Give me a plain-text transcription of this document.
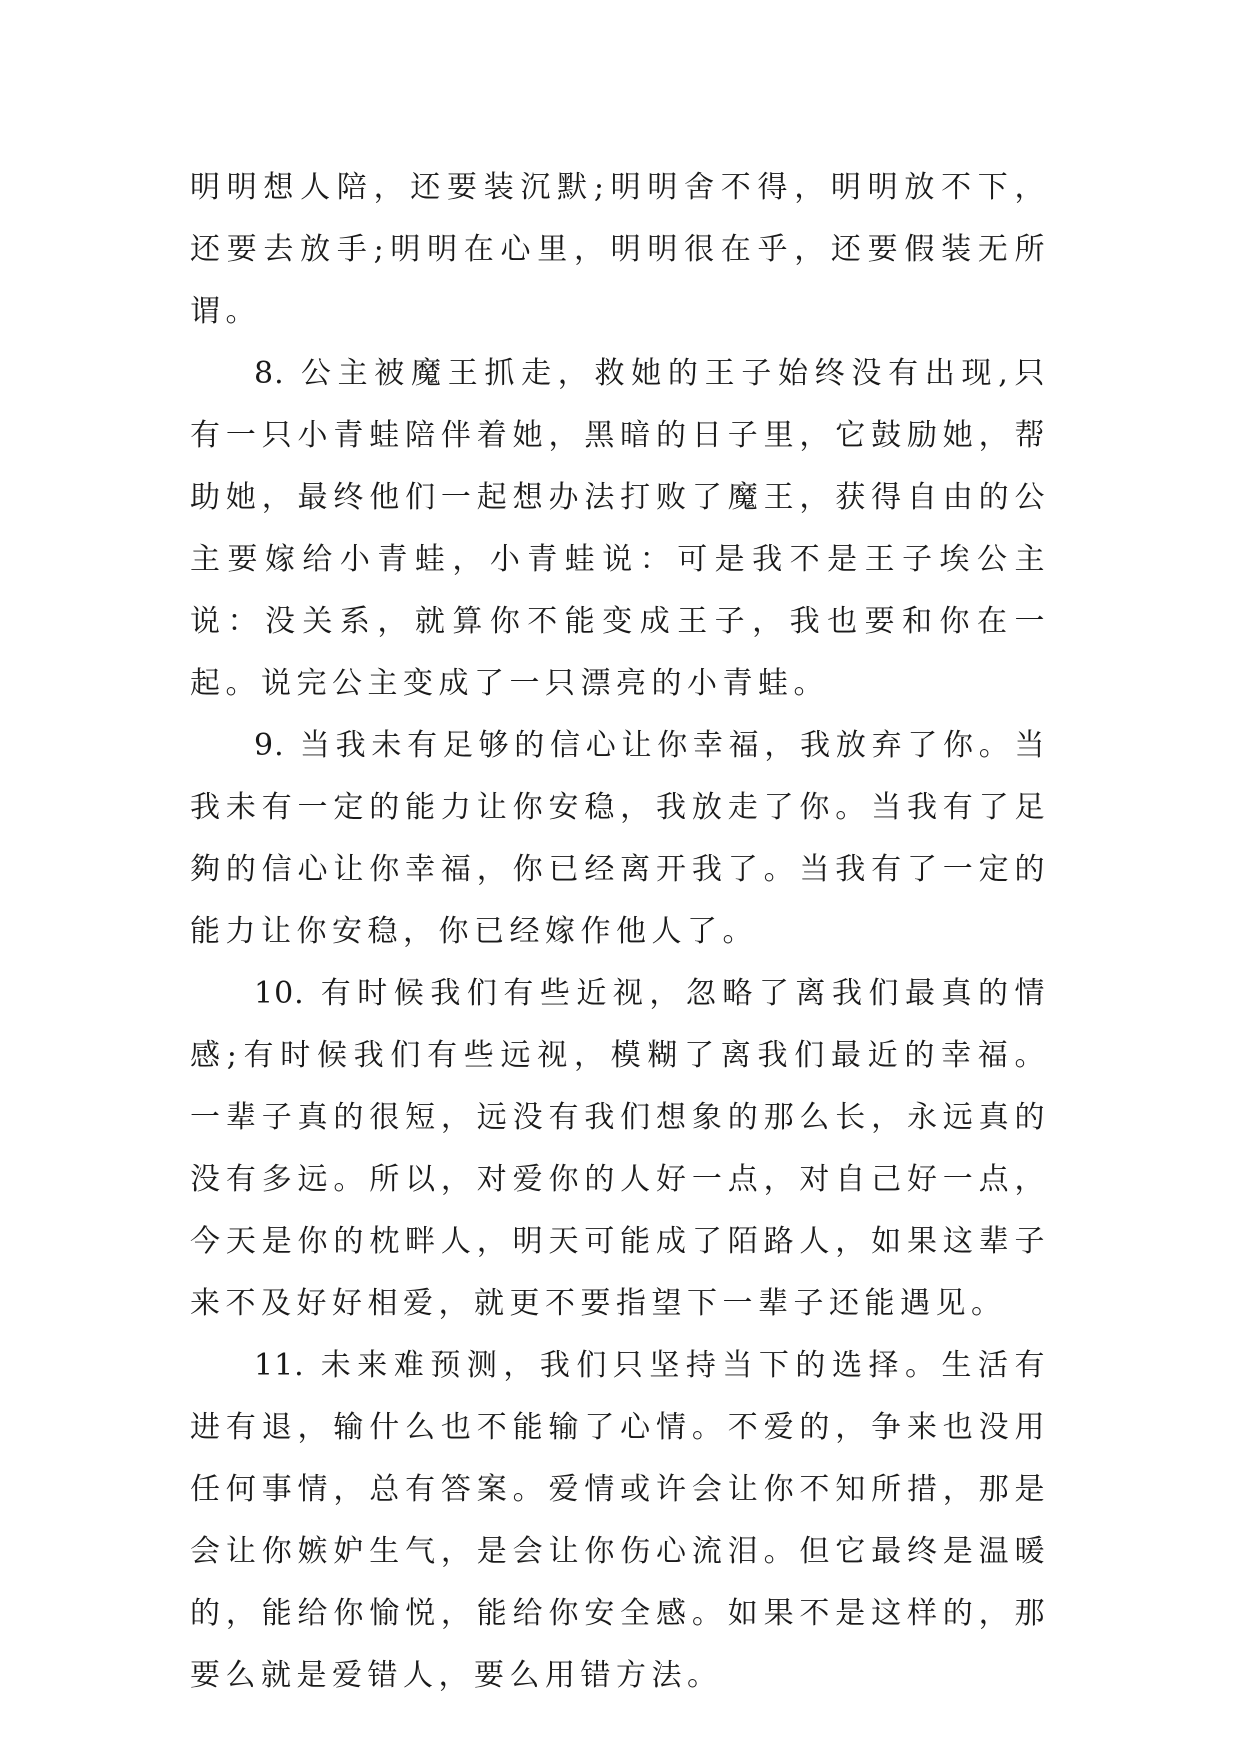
明明想人陪，还要装沉默;明明舍不得，明明放不下，还要去放手;明明在心里，明明很在乎，还要假装无所谓。

8. 公主被魔王抓走，救她的王子始终没有出现,只有一只小青蛙陪伴着她，黑暗的日子里，它鼓励她，帮助她，最终他们一起想办法打败了魔王，获得自由的公主要嫁给小青蛙，小青蛙说：可是我不是王子埃公主说：没关系，就算你不能变成王子，我也要和你在一起。说完公主变成了一只漂亮的小青蛙。

9. 当我未有足够的信心让你幸福，我放弃了你。当我未有一定的能力让你安稳，我放走了你。当我有了足夠的信心让你幸福，你已经离开我了。当我有了一定的能力让你安稳，你已经嫁作他人了。

10. 有时候我们有些近视，忽略了离我们最真的情感;有时候我们有些远视，模糊了离我们最近的幸福。一辈子真的很短，远没有我们想象的那么长，永远真的没有多远。所以，对爱你的人好一点，对自己好一点，今天是你的枕畔人，明天可能成了陌路人，如果这辈子来不及好好相爱，就更不要指望下一辈子还能遇见。

11. 未来难预测，我们只坚持当下的选择。生活有进有退，输什么也不能输了心情。不爱的，争来也没用任何事情，总有答案。爱情或许会让你不知所措，那是会让你嫉妒生气，是会让你伤心流泪。但它最终是温暖的，能给你愉悦，能给你安全感。如果不是这样的，那要么就是爱错人，要么用错方法。
